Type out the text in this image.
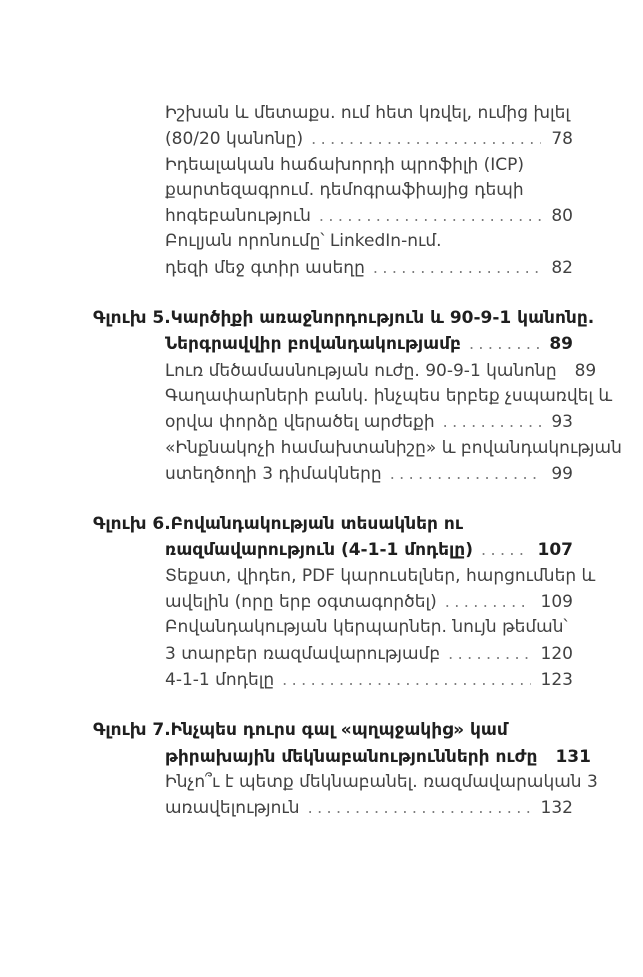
Իշխան և մետաքս. ում հետ կռվել, ումից խլել
(80/20 կանոնը) .....	78
Իդեալական հաճախորդի պրոֆիլի (ICP)
քարտեզագրում. դեմոգրաֆիայից դեպի
հոգեբանություն .....	80
Բուլյան որոնումը՝ LinkedIn-ում.
դեզի մեջ գտիր ասեղը .....	82
Գլուխ 5. Կարծիքի առաջնորդություն և 90-9-1 կանոնը.
Ներգրավվիր բովանդակությամբ .....	89
Լուռ մեծամասնության ուժը. 90-9-1 կանոնը 89
Գաղափարների բանկ. ինչպես երբեք չսպառվել և
օրվա փորձը վերածել արժեքի .....	93
«Ինքնակոչի համախտանիշը» և բովանդակության
ստեղծողի 3 դիմակները .....	99
Գլուխ 6. Բովանդակության տեսակներ ու
ռազմավարություն (4-1-1 մոդելը) .....	107
Տեքստ, վիդեո, PDF կարուսելներ, հարցումներ և
ավելին (որը երբ օգտագործել) .....	109
Բովանդակության կերպարներ. նույն թեման՝
3 տարբեր ռազմավարությամբ .....	120
4-1-1 մոդելը .....	123
Գլուխ 7. Ինչպես դուրս գալ «պղպջակից» կամ
թիրախային մեկնաբանությունների ուժը 131
Ինչո՞ւ է պետք մեկնաբանել. ռազմավարական 3
առավելություն .....	132
